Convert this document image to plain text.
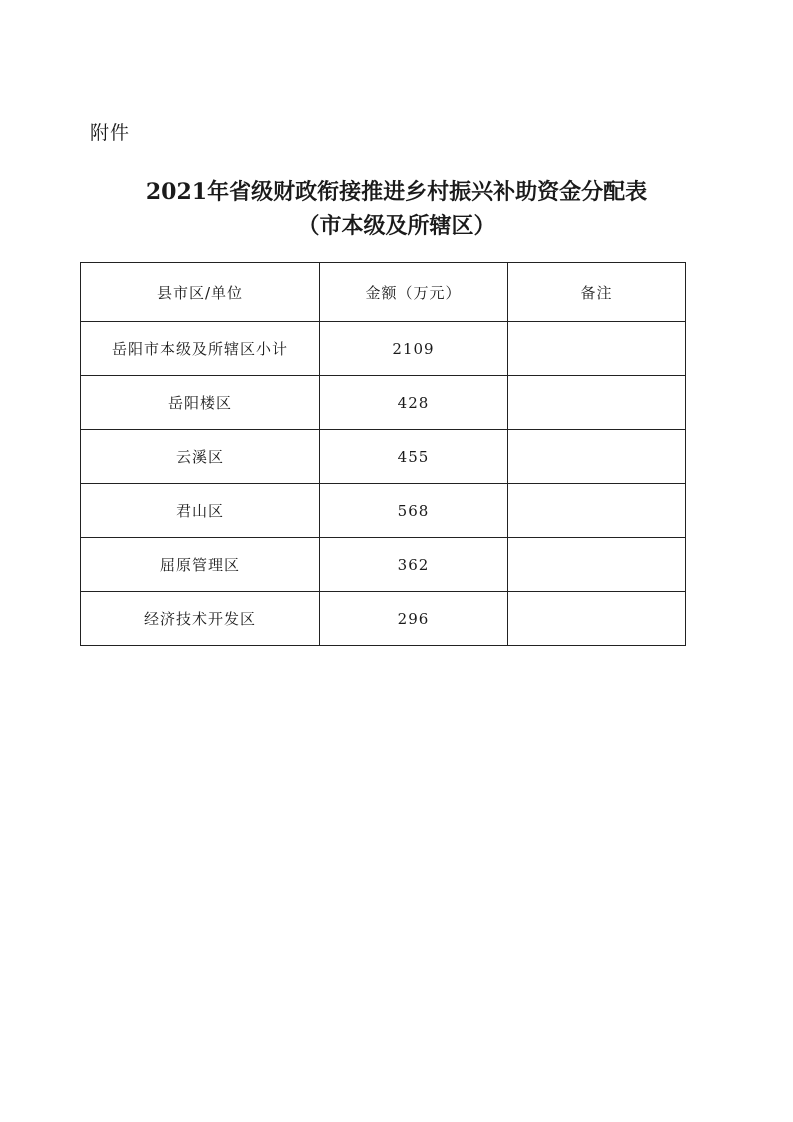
附件
2021年省级财政衔接推进乡村振兴补助资金分配表
（市本级及所辖区）
县市区/单位	金额（万元）	备注
岳阳市本级及所辖区小计	2109	
岳阳楼区	428	
云溪区	455	
君山区	568	
屈原管理区	362	
经济技术开发区	296	
